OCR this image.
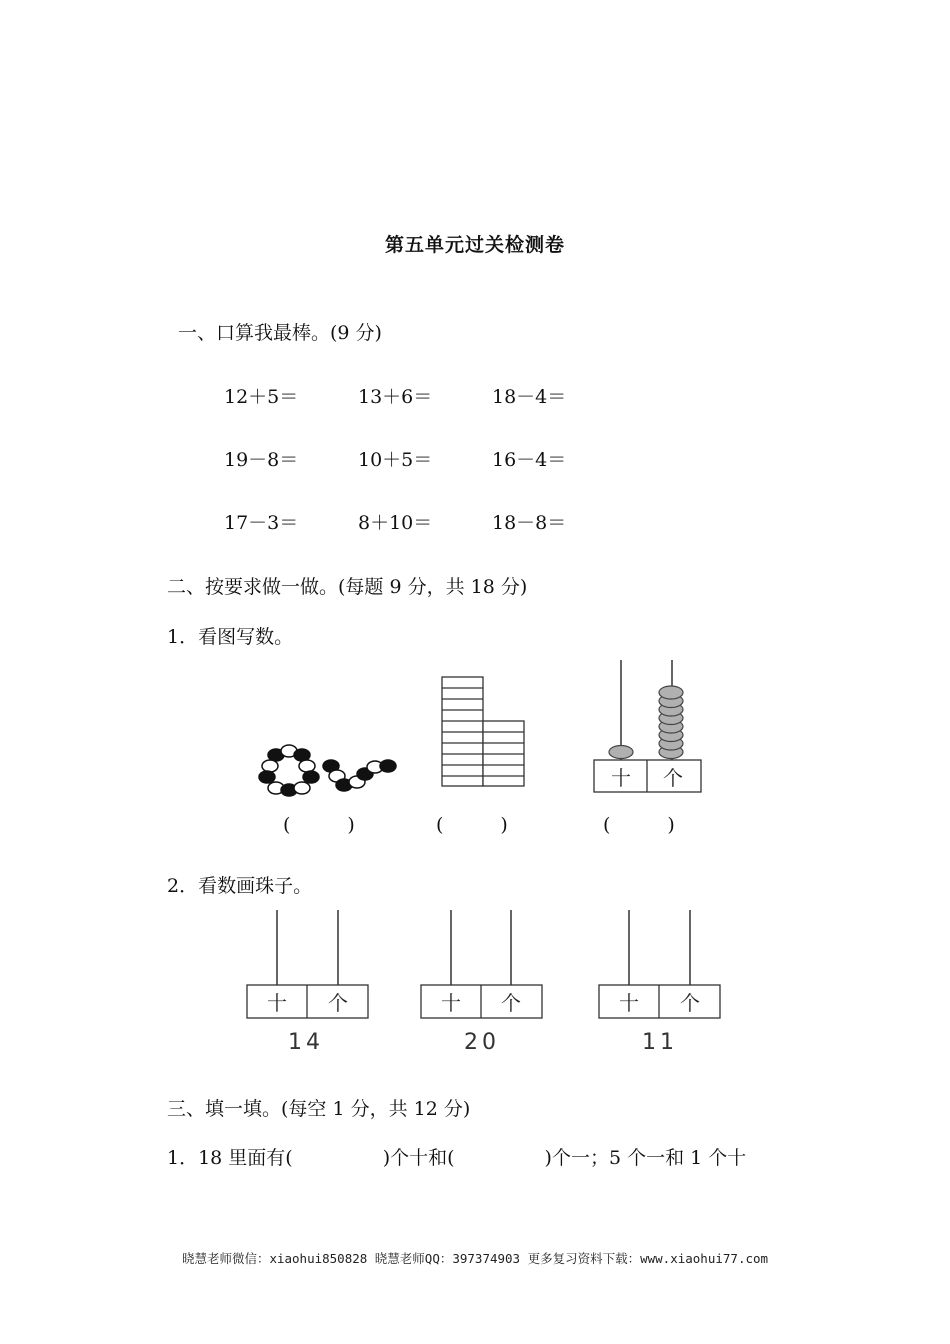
第五单元过关检测卷
一、口算我最棒。(9 分)
12＋5＝	13＋6＝	18－4＝
19－8＝	10＋5＝	16－4＝
17－3＝	8＋10＝	18－8＝
二、按要求做一做。(每题 9 分，共 18 分)
1．看图写数。
十 个
(　　　)	(　　　)	(　　　)
2．看数画珠子。
十 个	十 个	十 个
14	20	11
三、填一填。(每空 1 分，共 12 分)
1．18 里面有(	)个十和(	)个一；5 个一和 1 个十
晓慧老师微信：xiaohui850828 晓慧老师QQ：397374903 更多复习资料下载：www.xiaohui77.com
